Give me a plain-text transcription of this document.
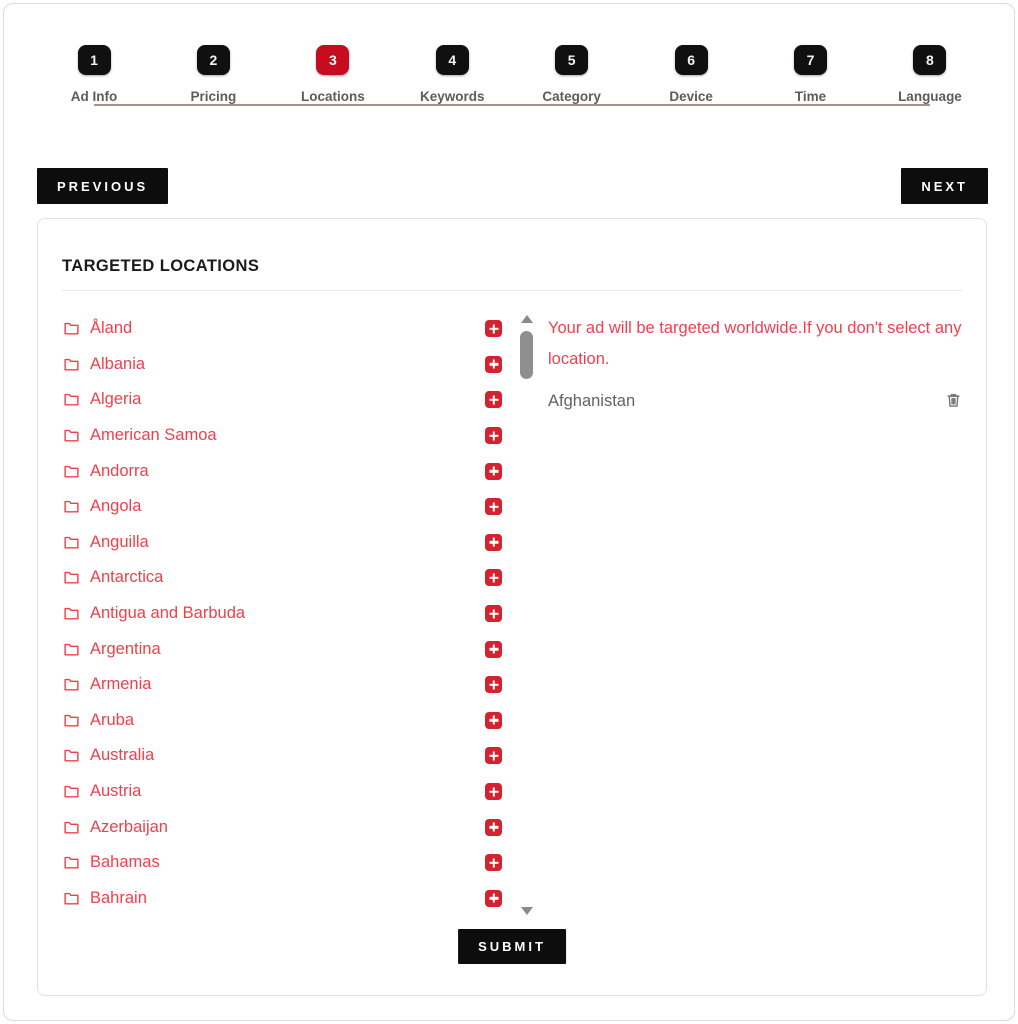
1
Ad Info
2
Pricing
3
Locations
4
Keywords
5
Category
6
Device
7
Time
8
Language
PREVIOUS	NEXT
TARGETED LOCATIONS
Åland
Albania
Algeria
American Samoa
Andorra
Angola
Anguilla
Antarctica
Antigua and Barbuda
Argentina
Armenia
Aruba
Australia
Austria
Azerbaijan
Bahamas
Bahrain
Your ad will be targeted worldwide.If you don't select any location.
Afghanistan
SUBMIT
